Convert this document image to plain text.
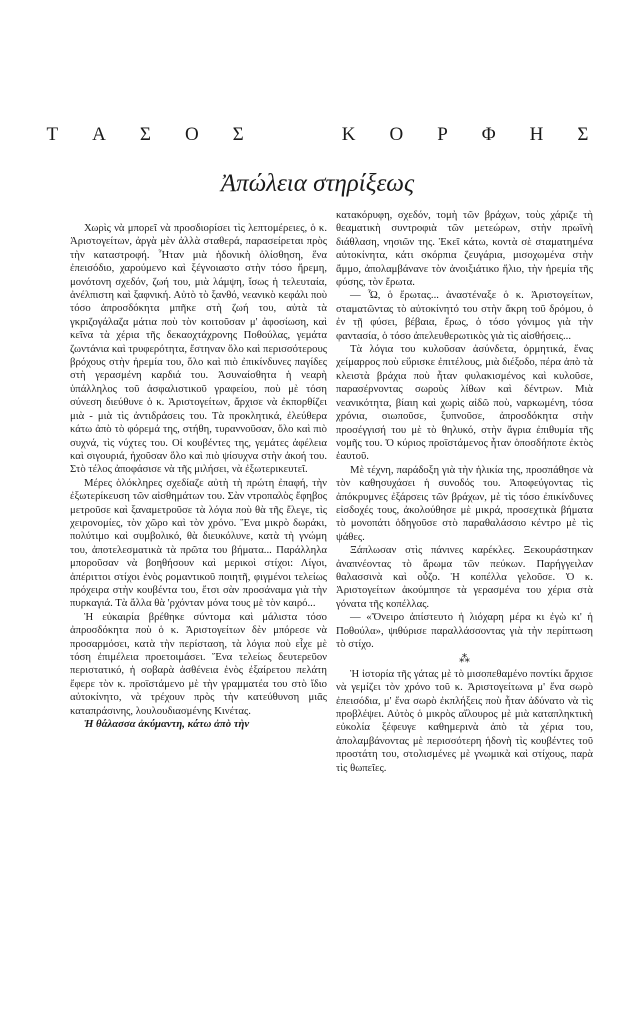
Τ Α Σ Ο Σ	Κ Ο Ρ Φ Η Σ
Ἀπώλεια στηρίξεως

Χωρὶς νὰ μπορεῖ νὰ προσδιορίσει τὶς λεπτομέρειες, ὁ κ. Ἀριστογείτων, ἀργὰ μὲν ἀλλὰ σταθερά, παρασείρεται πρὸς τὴν καταστροφή. Ἦταν μιὰ ἡδονικὴ ὀλίσθηση, ἕνα ἐπεισόδιο, χαρούμενο καὶ ξέγνοιαστο στὴν τόσο ἤρεμη, μονότονη σχεδόν, ζωή του, μιὰ λάμψη, ἴσως ἡ τελευταία, ἀνέλπιστη καὶ ξαφνική. Αὐτὸ τὸ ξανθό, νεανικὸ κεφάλι ποὺ τόσο ἀπροσδόκητα μπῆκε στὴ ζωή του, αὐτὰ τὰ γκριζογάλαζα μάτια ποὺ τὸν κοιτοῦσαν μ' ἀφοσίωση, καὶ κεῖνα τὰ χέρια τῆς δεκαοχτάχρονης Ποθούλας, γεμάτα ζωντάνια καὶ τρυφερότητα, ἔστηναν ὅλο καὶ περισσότερους βρόχους στὴν ἠρεμία του, ὅλο καὶ πιὸ ἐπικίνδυνες παγίδες στὴ γερασμένη καρδιά του. Ἀσυναίσθητα ἡ νεαρὴ ὑπάλληλος τοῦ ἀσφαλιστικοῦ γραφείου, ποὺ μὲ τόση σύνεση διεύθυνε ὁ κ. Ἀριστογείτων, ἄρχισε νὰ ἐκπορθίζει μιὰ - μιὰ τὶς ἀντιδράσεις του. Τὰ προκλητικά, ἐλεύθερα κάτω ἀπὸ τὸ φόρεμά της, στήθη, τυραννοῦσαν, ὅλο καὶ πιὸ συχνά, τὶς νύχτες του. Οἱ κουβέντες της, γεμάτες ἀφέλεια καὶ σιγουριά, ἠχοῦσαν ὅλο καὶ πιὸ ψίσυχνα στὴν ἀκοή του. Στὸ τέλος ἀποφάσισε νὰ τῆς μιλήσει, νὰ ἐξωτερικευτεῖ.

Μέρες ὁλόκληρες σχεδίαζε αὐτὴ τὴ πρώτη ἐπαφή, τὴν ἐξωτερίκευση τῶν αἰσθημάτων του. Σὰν ντροπαλὸς ἔφηβος μετροῦσε καὶ ξαναμετροῦσε τὰ λόγια ποὺ θὰ τῆς ἔλεγε, τὶς χειρονομίες, τὸν χῶρο καὶ τὸν χρόνο. Ἕνα μικρὸ δωράκι, πολύτιμο καὶ συμβολικό, θὰ διευκόλυνε, κατὰ τὴ γνώμη του, ἀποτελεσματικὰ τὰ πρῶτα του βήματα... Παράλληλα μποροῦσαν νὰ βοηθήσουν καὶ μερικοὶ στίχοι: Λίγοι, ἀπέριττοι στίχοι ἑνὸς ρομαντικοῦ ποιητῆ, φιγμένοι τελείως πρόχειρα στὴν κουβέντα του, ἔτσι σὰν προσάναμα γιὰ τὴν πυρκαγιά. Τὰ ἄλλα θὰ 'ρχόνταν μόνα τους μὲ τὸν καιρό...

Ἡ εὐκαιρία βρέθηκε σύντομα καὶ μάλιστα τόσο ἀπροσδόκητα ποὺ ὁ κ. Ἀριστογείτων δὲν μπόρεσε νὰ προσαρμόσει, κατὰ τὴν περίσταση, τὰ λόγια ποὺ εἶχε μὲ τόση ἐπιμέλεια προετοιμάσει. Ἕνα τελείως δευτερεῦον περιστατικό, ἡ σοβαρὰ ἀσθένεια ἑνὸς ἐξαίρετου πελάτη ἔφερε τὸν κ. προϊστάμενο μὲ τὴν γραμματέα του στὸ ἴδιο αὐτοκίνητο, νὰ τρέχουν πρὸς τὴν κατεύθυνση μιᾶς καταπράσινης, λουλουδιασμένης Κινέτας.

Ἡ θάλασσα ἀκύμαντη, κάτω ἀπὸ τὴν

κατακόρυφη, σχεδόν, τομὴ τῶν βράχων, τοὺς χάριζε τὴ θεαματικὴ συντροφιὰ τῶν μετεώρων, στὴν πρωϊνὴ διάθλαση, νησιῶν της. Ἐκεῖ κάτω, κοντὰ σὲ σταματημένα αὐτοκίνητα, κάτι σκόρπια ζευγάρια, μισοχωμένα στὴν ἄμμο, ἀπολαμβάνανε τὸν ἀνοιξιάτικο ἥλιο, τὴν ἠρεμία τῆς φύσης, τὸν ἔρωτα.

— Ὦ, ὁ ἔρωτας... ἀναστέναξε ὁ κ. Ἀριστογείτων, σταματῶντας τὸ αὐτοκίνητό του στὴν ἄκρη τοῦ δρόμου, ὁ ἐν τῇ φύσει, βέβαια, ἔρως, ὁ τόσο γόνιμος γιὰ τὴν φαντασία, ὁ τόσο ἀπελευθερωτικὸς γιὰ τὶς αἰσθήσεις...

Τὰ λόγια του κυλοῦσαν ἀσύνδετα, ὁρμητικά, ἕνας χείμαρρος ποὺ εὕρισκε ἐπιτέλους, μιὰ διέξοδο, πέρα ἀπὸ τὰ κλειστὰ βράχια ποὺ ἦταν φυλακισμένος καὶ κυλοῦσε, παρασέρνοντας σωροὺς λίθων καὶ δέντρων. Μιὰ νεανικότητα, βίαιη καὶ χωρὶς αἰδῶ ποὺ, ναρκωμένη, τόσα χρόνια, σιωποῦσε, ξυπνοῦσε, ἀπροσδόκητα στὴν προσέγγισή του μὲ τὸ θηλυκό, στὴν ἄγρια ἐπιθυμία τῆς νομῆς του. Ὁ κύριος προϊστάμενος ἦταν ὁποσδήποτε ἐκτὸς ἑαυτοῦ.

Μὲ τέχνη, παράδοξη γιὰ τὴν ἡλικία της, προσπάθησε νὰ τὸν καθησυχάσει ἡ συνοδός του. Ἀποφεύγοντας τὶς ἀπόκρυμνες ἐξάρσεις τῶν βράχων, μὲ τὶς τόσο ἐπικίνδυνες εἰσδοχές τους, ἀκολούθησε μὲ μικρά, προσεχτικὰ βήματα τὸ μονοπάτι ὁδηγοῦσε στὸ παραθαλάσσιο κέντρο μὲ τὶς ψάθες.

Ξάπλωσαν στὶς πάνινες καρέκλες. Ξεκουράστηκαν ἀναπνέοντας τὸ ἄρωμα τῶν πεύκων. Παρήγγειλαν θαλασσινὰ καὶ οὖζο. Ἡ κοπέλλα γελοῦσε. Ὁ κ. Ἀριστογείτων ἀκούμπησε τὰ γερασμένα του χέρια στὰ γόνατα τῆς κοπέλλας.

— «Ὄνειρο ἀπίστευτο ἡ λιόχαρη μέρα κι ἐγὼ κι' ἡ Ποθούλα», ψιθύρισε παραλλάσσοντας γιὰ τὴν περίπτωση τὸ στίχο.

⁂

Ἡ ἱστορία τῆς γάτας μὲ τὸ μισοπεθαμένο ποντίκι ἄρχισε νὰ γεμίζει τὸν χρόνο τοῦ κ. Ἀριστογείτωνα μ' ἕνα σωρὸ ἐπεισόδια, μ' ἕνα σωρὸ ἐκπλήξεις ποὺ ἦταν ἀδύνατο νὰ τὶς προβλέψει. Αὐτὸς ὁ μικρὸς αἴλουρος μὲ μιὰ καταπληκτικὴ εὐκολία ξέφευγε καθημερινὰ ἀπὸ τὰ χέρια του, ἀπολαμβάνοντας μὲ περισσότερη ἡδονὴ τὶς κουβέντες τοῦ προστάτη του, στολισμένες μὲ γνωμικὰ καὶ στίχους, παρὰ τὶς θωπεῖες.
